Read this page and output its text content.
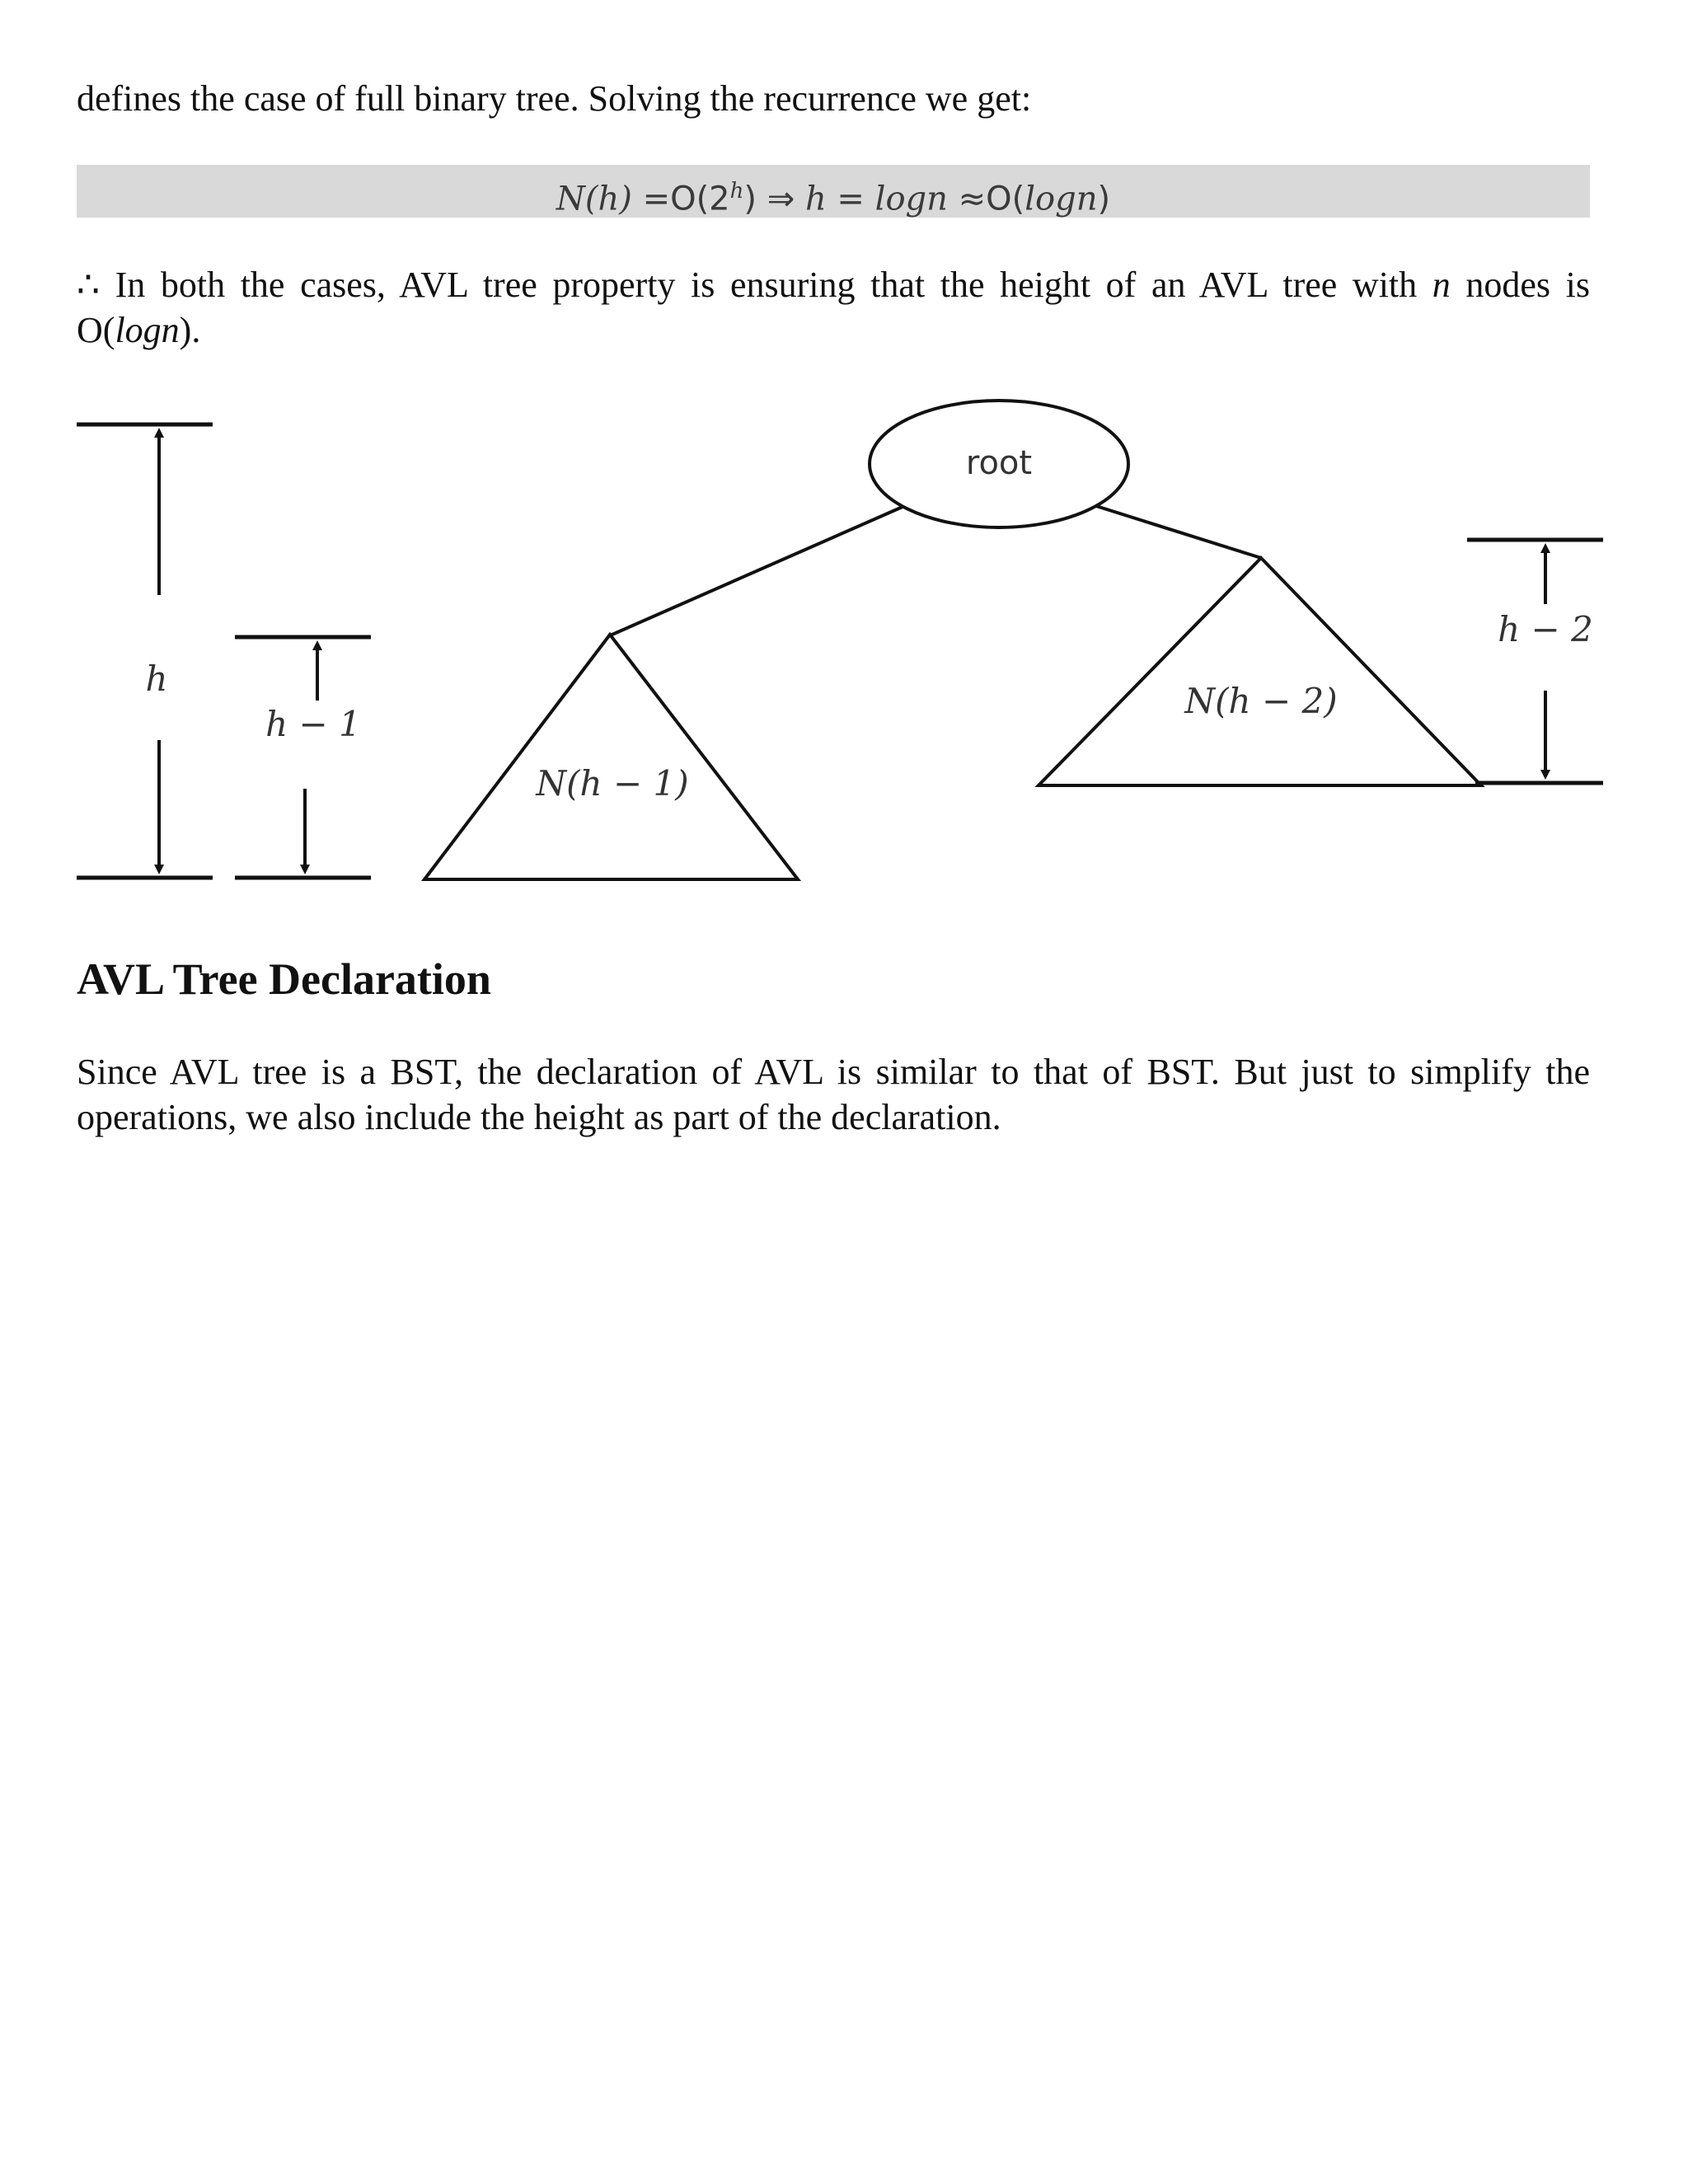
defines the case of full binary tree. Solving the recurrence we get:

$N(h) =O(2^h)$ ⇒ h = logn ≈O(logn)

∴ In both the cases, AVL tree property is ensuring that the height of an AVL tree with n nodes is O(logn).

h
h − 1
root
N(h − 1)
N(h − 2)
h − 2
AVL Tree Declaration

Since AVL tree is a BST, the declaration of AVL is similar to that of BST. But just to simplify the operations, we also include the height as part of the declaration.
